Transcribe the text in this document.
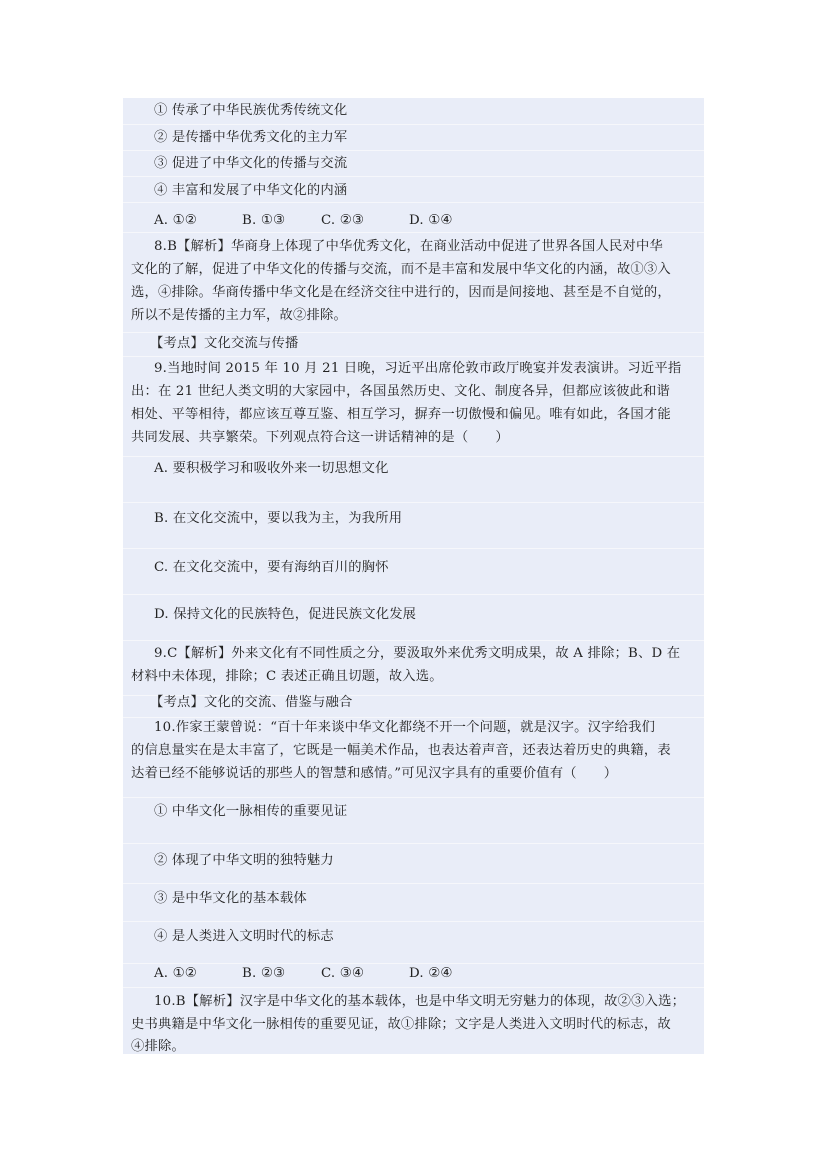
① 传承了中华民族优秀传统文化
② 是传播中华优秀文化的主力军
③ 促进了中华文化的传播与交流
④ 丰富和发展了中华文化的内涵
A. ①②	B. ①③	C. ②③	D. ①④
8.B【解析】华商身上体现了中华优秀文化，在商业活动中促进了世界各国人民对中华
文化的了解，促进了中华文化的传播与交流，而不是丰富和发展中华文化的内涵，故①③入
选，④排除。华商传播中华文化是在经济交往中进行的，因而是间接地、甚至是不自觉的，
所以不是传播的主力军，故②排除。
【考点】文化交流与传播
9.当地时间 2015 年 10 月 21 日晚，习近平出席伦敦市政厅晚宴并发表演讲。习近平指
出：在 21 世纪人类文明的大家园中，各国虽然历史、文化、制度各异，但都应该彼此和谐
相处、平等相待，都应该互尊互鉴、相互学习，摒弃一切傲慢和偏见。唯有如此，各国才能
共同发展、共享繁荣。下列观点符合这一讲话精神的是（　　）
A. 要积极学习和吸收外来一切思想文化
B. 在文化交流中，要以我为主，为我所用
C. 在文化交流中，要有海纳百川的胸怀
D. 保持文化的民族特色，促进民族文化发展
9.C【解析】外来文化有不同性质之分，要汲取外来优秀文明成果，故 A 排除；B、D 在
材料中未体现，排除；C 表述正确且切题，故入选。
【考点】文化的交流、借鉴与融合
10.作家王蒙曾说：“百十年来谈中华文化都绕不开一个问题，就是汉字。汉字给我们
的信息量实在是太丰富了，它既是一幅美术作品，也表达着声音，还表达着历史的典籍，表
达着已经不能够说话的那些人的智慧和感情。”可见汉字具有的重要价值有（　　）
① 中华文化一脉相传的重要见证
② 体现了中华文明的独特魅力
③ 是中华文化的基本载体
④ 是人类进入文明时代的标志
A. ①②	B. ②③	C. ③④	D. ②④
10.B【解析】汉字是中华文化的基本载体，也是中华文明无穷魅力的体现，故②③入选；
史书典籍是中华文化一脉相传的重要见证，故①排除；文字是人类进入文明时代的标志，故
④排除。
